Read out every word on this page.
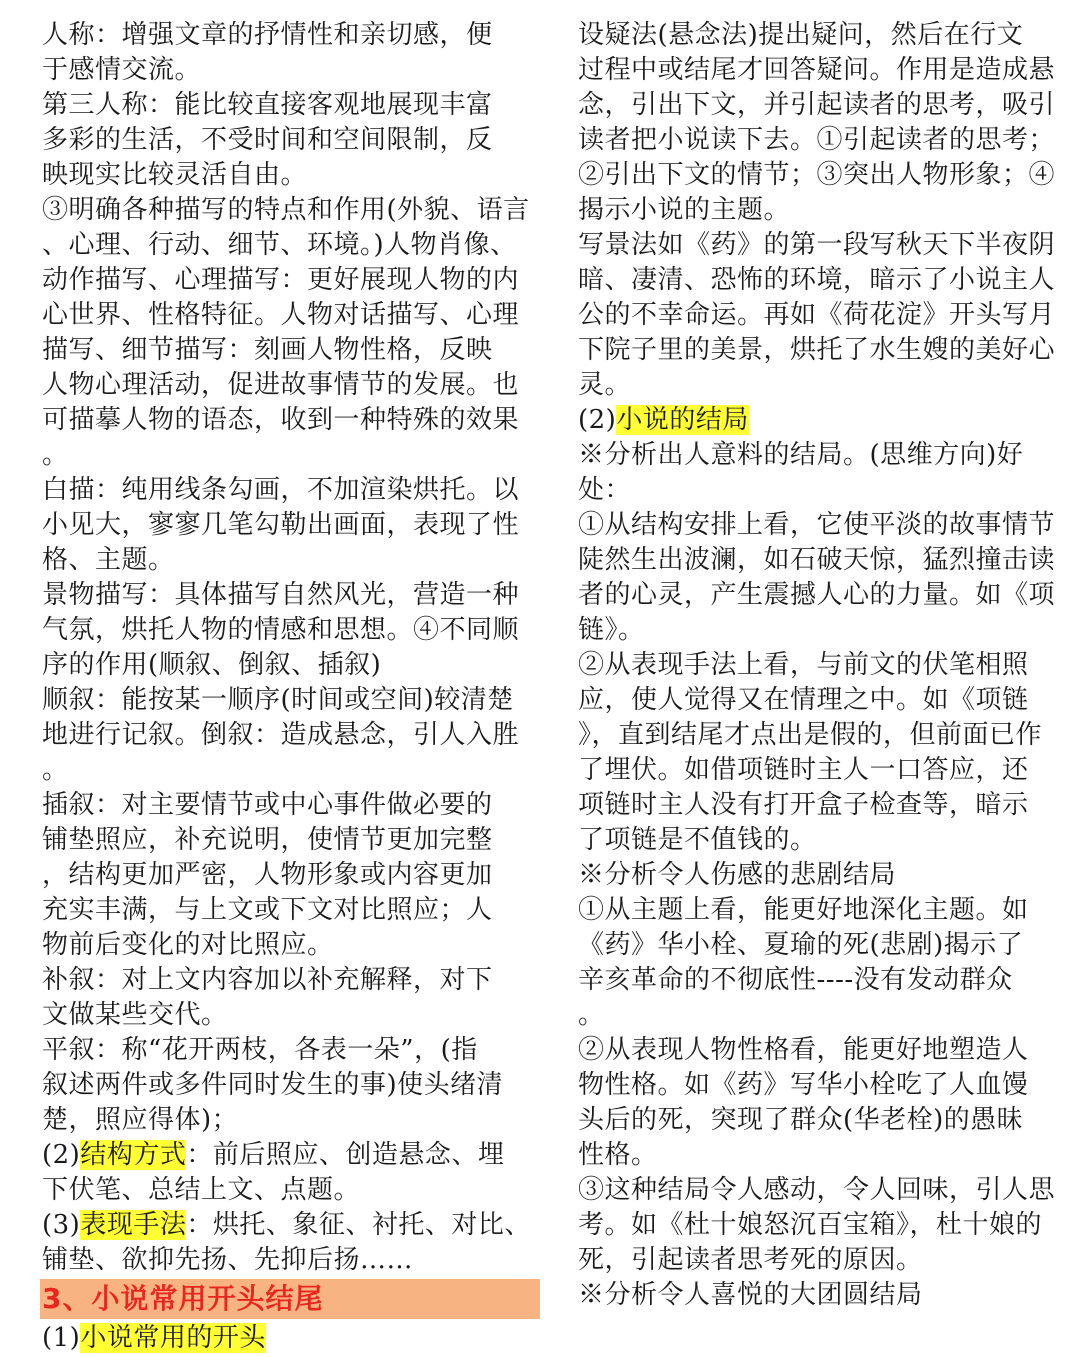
人称：增强文章的抒情性和亲切感，便
于感情交流。
第三人称：能比较直接客观地展现丰富
多彩的生活，不受时间和空间限制，反
映现实比较灵活自由。
③明确各种描写的特点和作用(外貌、语言
、心理、行动、细节、环境。)人物肖像、
动作描写、心理描写：更好展现人物的内
心世界、性格特征。人物对话描写、心理
描写、细节描写：刻画人物性格，反映
人物心理活动，促进故事情节的发展。也
可描摹人物的语态，收到一种特殊的效果
。
白描：纯用线条勾画，不加渲染烘托。以
小见大，寥寥几笔勾勒出画面，表现了性
格、主题。
景物描写：具体描写自然风光，营造一种
气氛，烘托人物的情感和思想。④不同顺
序的作用(顺叙、倒叙、插叙)
顺叙：能按某一顺序(时间或空间)较清楚
地进行记叙。倒叙：造成悬念，引人入胜
。
插叙：对主要情节或中心事件做必要的
铺垫照应，补充说明，使情节更加完整
，结构更加严密，人物形象或内容更加
充实丰满，与上文或下文对比照应；人
物前后变化的对比照应。
补叙：对上文内容加以补充解释，对下
文做某些交代。
平叙：称“花开两枝，各表一朵”，(指
叙述两件或多件同时发生的事)使头绪清
楚，照应得体)；
(2)结构方式：前后照应、创造悬念、埋
下伏笔、总结上文、点题。
(3)表现手法：烘托、象征、衬托、对比、
铺垫、欲抑先扬、先抑后扬……
3、小说常用开头结尾
(1)小说常用的开头
设疑法(悬念法)提出疑问，然后在行文
过程中或结尾才回答疑问。作用是造成悬
念，引出下文，并引起读者的思考，吸引
读者把小说读下去。①引起读者的思考；
②引出下文的情节；③突出人物形象；④
揭示小说的主题。
写景法如《药》的第一段写秋天下半夜阴
暗、凄清、恐怖的环境，暗示了小说主人
公的不幸命运。再如《荷花淀》开头写月
下院子里的美景，烘托了水生嫂的美好心
灵。
(2)小说的结局
※分析出人意料的结局。(思维方向)好
处：
①从结构安排上看，它使平淡的故事情节
陡然生出波澜，如石破天惊，猛烈撞击读
者的心灵，产生震撼人心的力量。如《项
链》。
②从表现手法上看，与前文的伏笔相照
应，使人觉得又在情理之中。如《项链
》，直到结尾才点出是假的，但前面已作
了埋伏。如借项链时主人一口答应，还
项链时主人没有打开盒子检查等，暗示
了项链是不值钱的。
※分析令人伤感的悲剧结局
①从主题上看，能更好地深化主题。如
《药》华小栓、夏瑜的死(悲剧)揭示了
辛亥革命的不彻底性----没有发动群众
。
②从表现人物性格看，能更好地塑造人
物性格。如《药》写华小栓吃了人血馒
头后的死，突现了群众(华老栓)的愚昧
性格。
③这种结局令人感动，令人回味，引人思
考。如《杜十娘怒沉百宝箱》，杜十娘的
死，引起读者思考死的原因。
※分析令人喜悦的大团圆结局
